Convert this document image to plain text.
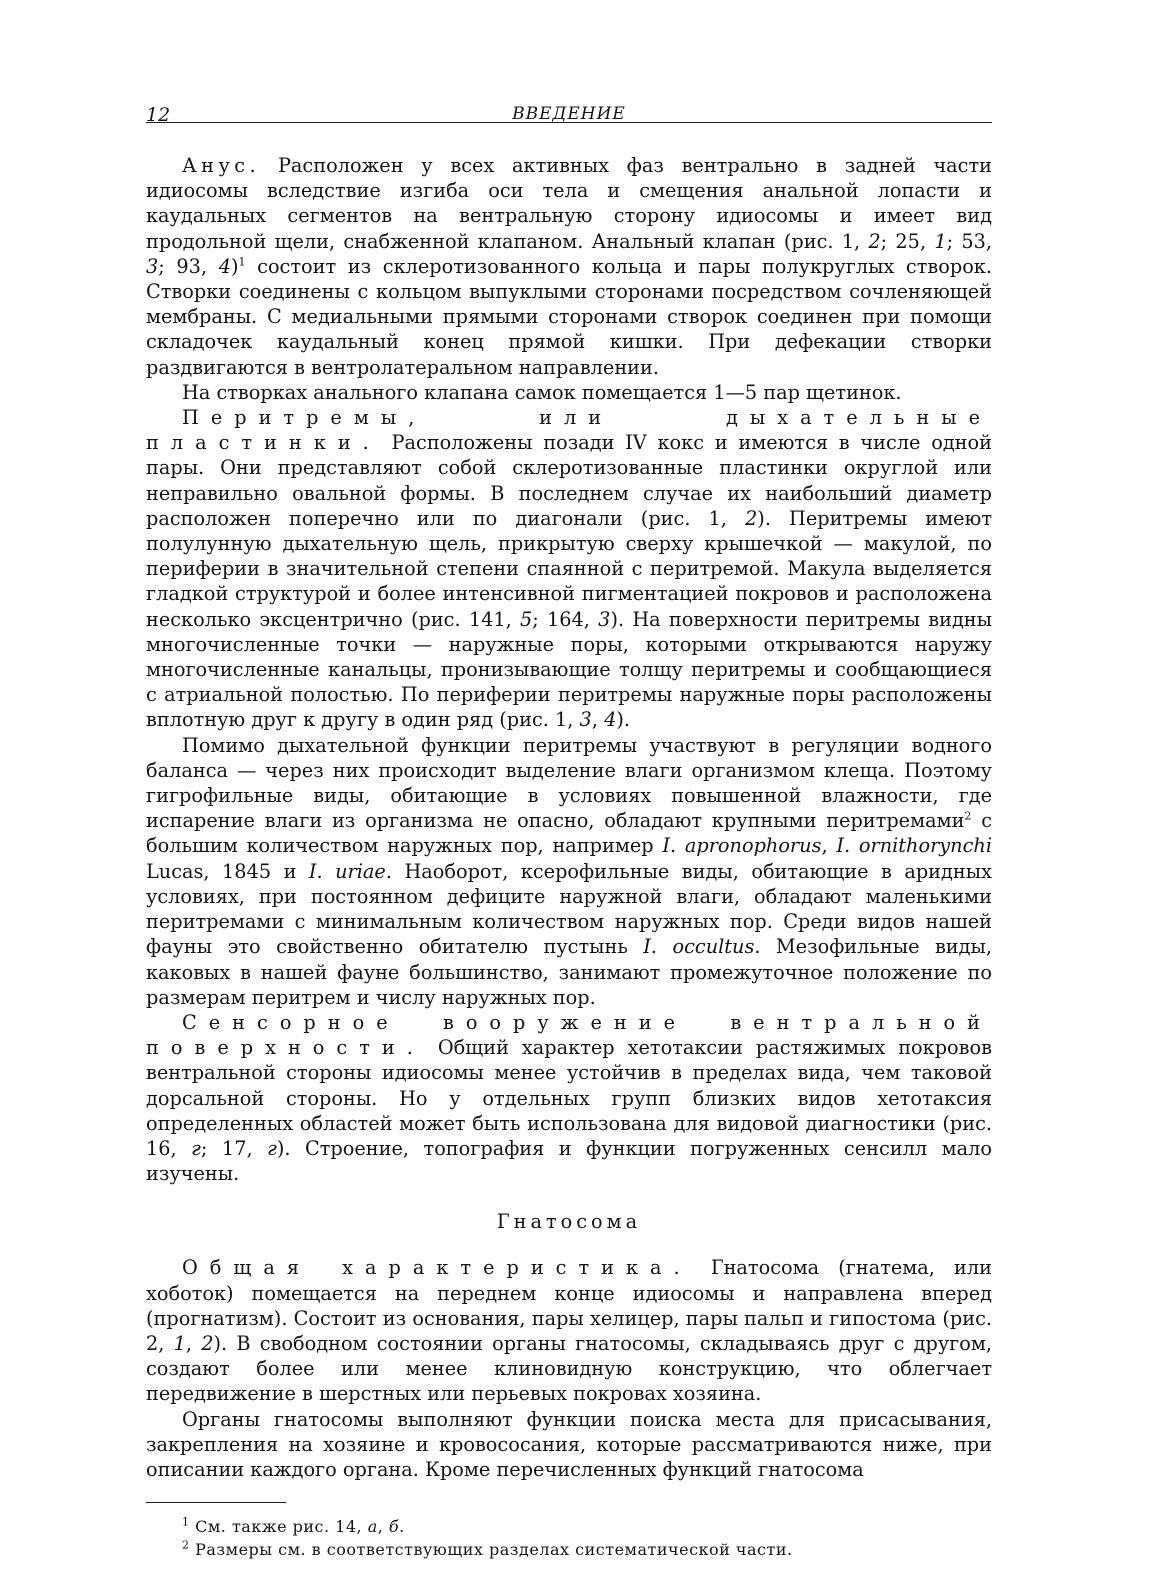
12	ВВЕДЕНИЕ

Анус. Расположен у всех активных фаз вентрально в задней части идиосомы вследствие изгиба оси тела и смещения анальной лопасти и каудальных сегментов на вентральную сторону идиосомы и имеет вид продольной щели, снабженной клапаном. Анальный клапан (рис. 1, 2; 25, 1; 53, 3; 93, 4)$^1$ состоит из склеротизованного кольца и пары полукруглых створок. Створки соединены с кольцом выпуклыми сторонами посредством сочленяющей мембраны. С медиальными прямыми сторонами створок соединен при помощи складочек каудальный конец прямой кишки. При дефекации створки раздвигаются в вентролатеральном направлении.

На створках анального клапана самок помещается 1—5 пар щетинок.

Перитремы, или дыхательные пластинки. Расположены позади IV кокс и имеются в числе одной пары. Они представляют собой склеротизованные пластинки округлой или неправильно овальной формы. В последнем случае их наибольший диаметр расположен поперечно или по диагонали (рис. 1, 2). Перитремы имеют полулунную дыхательную щель, прикрытую сверху крышечкой — макулой, по периферии в значительной степени спаянной с перитремой. Макула выделяется гладкой структурой и более интенсивной пигментацией покровов и расположена несколько эксцентрично (рис. 141, 5; 164, 3). На поверхности перитремы видны многочисленные точки — наружные поры, которыми открываются наружу многочисленные канальцы, пронизывающие толщу перитремы и сообщающиеся с атриальной полостью. По периферии перитремы наружные поры расположены вплотную друг к другу в один ряд (рис. 1, 3, 4).

Помимо дыхательной функции перитремы участвуют в регуляции водного баланса — через них происходит выделение влаги организмом клеща. Поэтому гигрофильные виды, обитающие в условиях повышенной влажности, где испарение влаги из организма не опасно, обладают крупными перитремами$^2$ с большим количеством наружных пор, например I. apronophorus, I. ornithorynchi Lucas, 1845 и I. uriae. Наоборот, ксерофильные виды, обитающие в аридных условиях, при постоянном дефиците наружной влаги, обладают маленькими перитремами с минимальным количеством наружных пор. Среди видов нашей фауны это свойственно обитателю пустынь I. occultus. Мезофильные виды, каковых в нашей фауне большинство, занимают промежуточное положение по размерам перитрем и числу наружных пор.

Сенсорное вооружение вентральной поверхности. Общий характер хетотаксии растяжимых покровов вентральной стороны идиосомы менее устойчив в пределах вида, чем таковой дорсальной стороны. Но у отдельных групп близких видов хетотаксия определенных областей может быть использована для видовой диагностики (рис. 16, г; 17, г). Строение, топография и функции погруженных сенсилл мало изучены.

Гнатосома

Общая характеристика. Гнатосома (гнатема, или хоботок) помещается на переднем конце идиосомы и направлена вперед (прогнатизм). Состоит из основания, пары хелицер, пары пальп и гипостома (рис. 2, 1, 2). В свободном состоянии органы гнатосомы, складываясь друг с другом, создают более или менее клиновидную конструкцию, что облегчает передвижение в шерстных или перьевых покровах хозяина.

Органы гнатосомы выполняют функции поиска места для присасывания, закрепления на хозяине и кровососания, которые рассматриваются ниже, при описании каждого органа. Кроме перечисленных функций гнатосома

$^1$ См. также рис. 14, а, б.
$^2$ Размеры см. в соответствующих разделах систематической части.
